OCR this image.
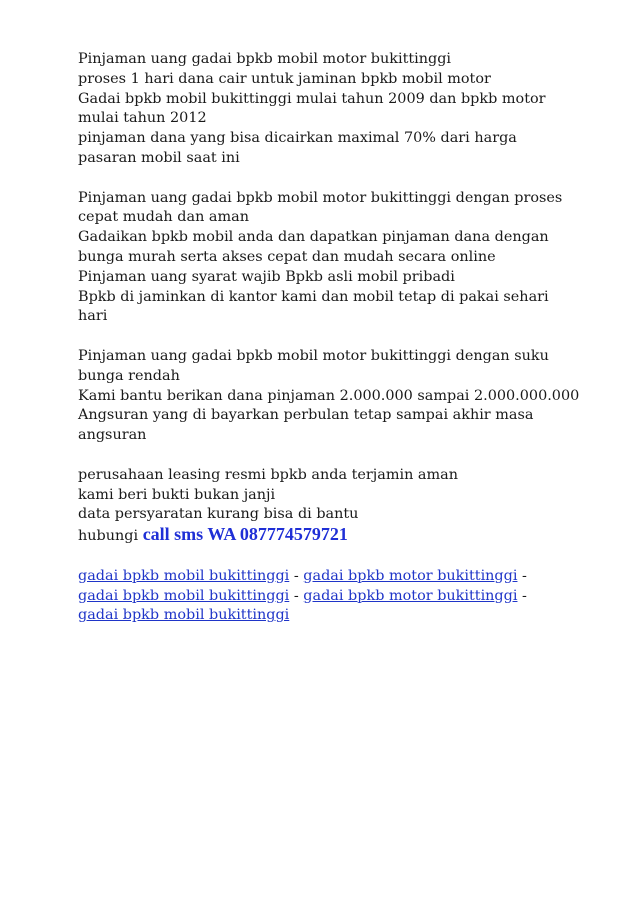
Pinjaman uang gadai bpkb mobil motor bukittinggi
proses 1 hari dana cair untuk jaminan bpkb mobil motor
Gadai bpkb mobil bukittinggi mulai tahun 2009 dan bpkb motor
mulai tahun 2012
pinjaman dana yang bisa dicairkan maximal 70% dari harga
pasaran mobil saat ini
Pinjaman uang gadai bpkb mobil motor bukittinggi dengan proses
cepat mudah dan aman
Gadaikan bpkb mobil anda dan dapatkan pinjaman dana dengan
bunga murah serta akses cepat dan mudah secara online
Pinjaman uang syarat wajib Bpkb asli mobil pribadi
Bpkb di jaminkan di kantor kami dan mobil tetap di pakai sehari
hari
Pinjaman uang gadai bpkb mobil motor bukittinggi dengan suku
bunga rendah
Kami bantu berikan dana pinjaman 2.000.000 sampai 2.000.000.000
Angsuran yang di bayarkan perbulan tetap sampai akhir masa
angsuran
perusahaan leasing resmi bpkb anda terjamin aman
kami beri bukti bukan janji
data persyaratan kurang bisa di bantu
hubungi call sms WA 087774579721
gadai bpkb mobil bukittinggi - gadai bpkb motor bukittinggi -
gadai bpkb mobil bukittinggi - gadai bpkb motor bukittinggi -
gadai bpkb mobil bukittinggi
